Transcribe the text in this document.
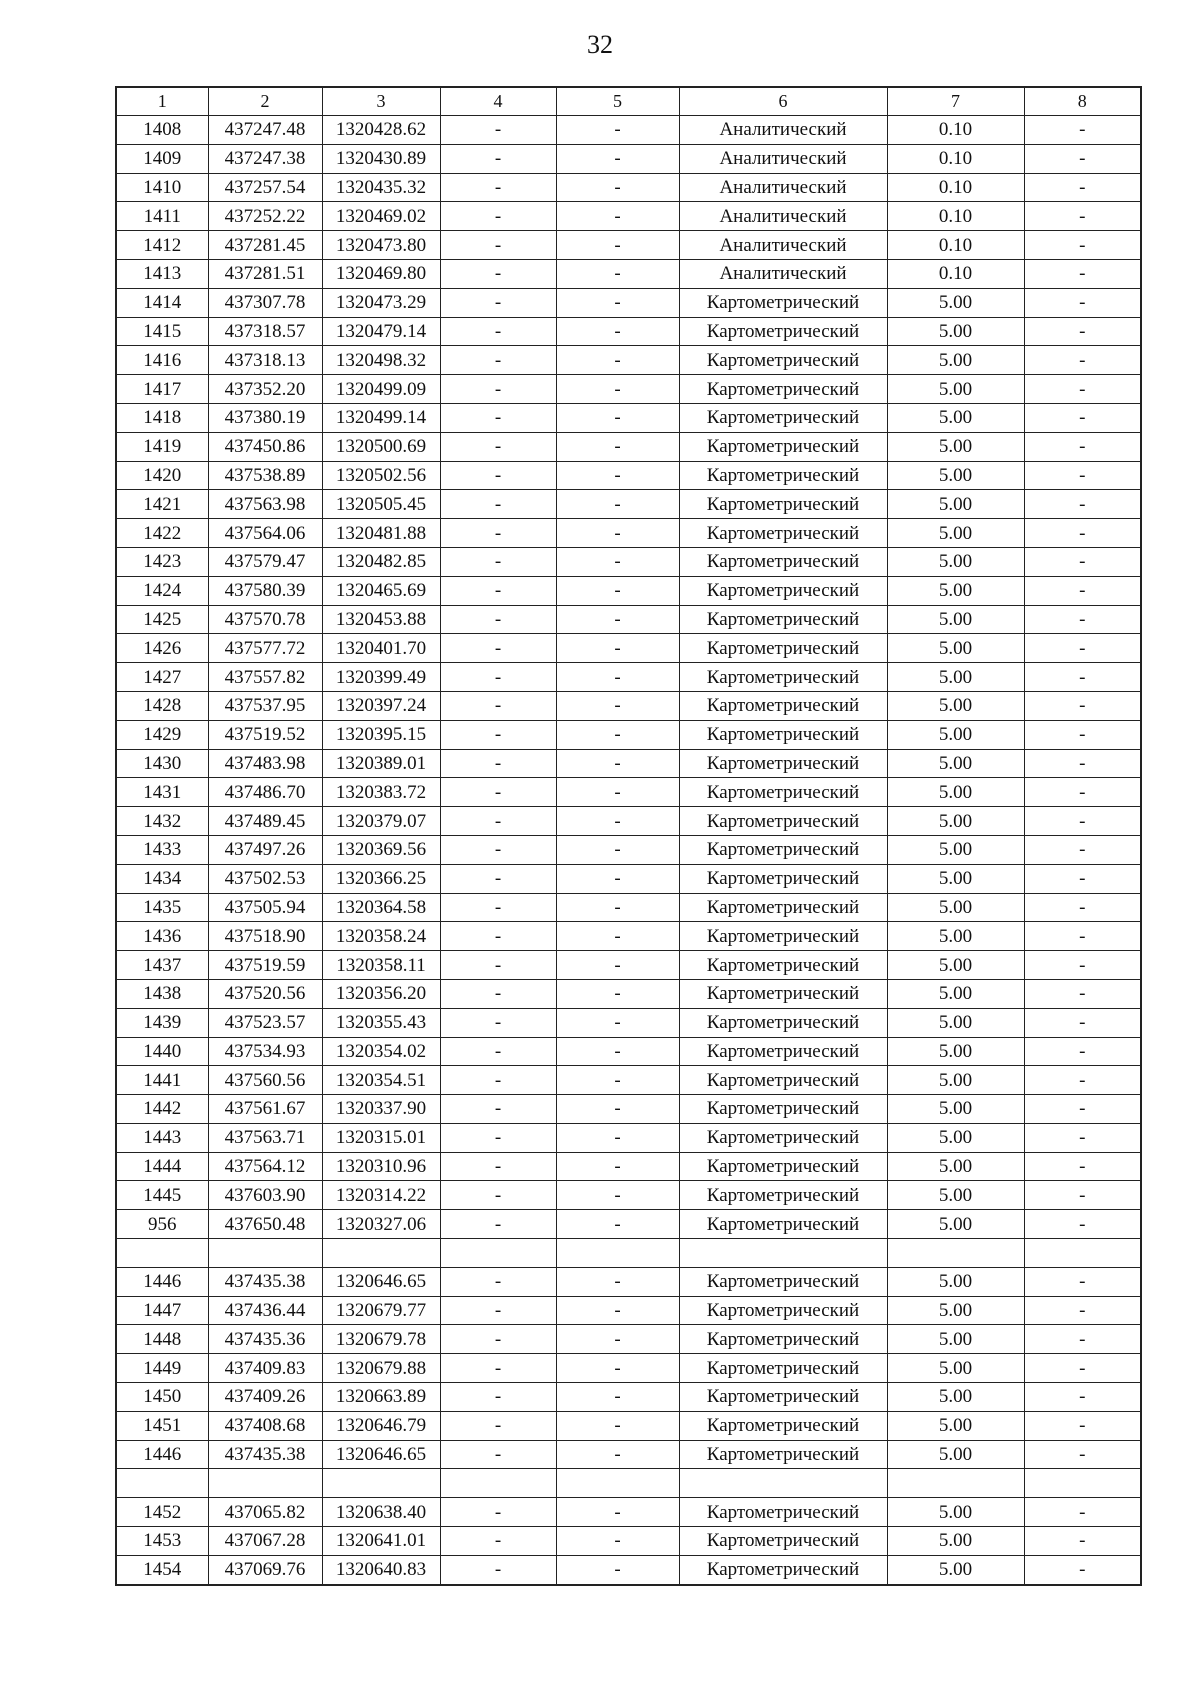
32
1	2	3	4	5	6	7	8
1408	437247.48	1320428.62	-	-	Аналитический	0.10	-
1409	437247.38	1320430.89	-	-	Аналитический	0.10	-
1410	437257.54	1320435.32	-	-	Аналитический	0.10	-
1411	437252.22	1320469.02	-	-	Аналитический	0.10	-
1412	437281.45	1320473.80	-	-	Аналитический	0.10	-
1413	437281.51	1320469.80	-	-	Аналитический	0.10	-
1414	437307.78	1320473.29	-	-	Картометрический	5.00	-
1415	437318.57	1320479.14	-	-	Картометрический	5.00	-
1416	437318.13	1320498.32	-	-	Картометрический	5.00	-
1417	437352.20	1320499.09	-	-	Картометрический	5.00	-
1418	437380.19	1320499.14	-	-	Картометрический	5.00	-
1419	437450.86	1320500.69	-	-	Картометрический	5.00	-
1420	437538.89	1320502.56	-	-	Картометрический	5.00	-
1421	437563.98	1320505.45	-	-	Картометрический	5.00	-
1422	437564.06	1320481.88	-	-	Картометрический	5.00	-
1423	437579.47	1320482.85	-	-	Картометрический	5.00	-
1424	437580.39	1320465.69	-	-	Картометрический	5.00	-
1425	437570.78	1320453.88	-	-	Картометрический	5.00	-
1426	437577.72	1320401.70	-	-	Картометрический	5.00	-
1427	437557.82	1320399.49	-	-	Картометрический	5.00	-
1428	437537.95	1320397.24	-	-	Картометрический	5.00	-
1429	437519.52	1320395.15	-	-	Картометрический	5.00	-
1430	437483.98	1320389.01	-	-	Картометрический	5.00	-
1431	437486.70	1320383.72	-	-	Картометрический	5.00	-
1432	437489.45	1320379.07	-	-	Картометрический	5.00	-
1433	437497.26	1320369.56	-	-	Картометрический	5.00	-
1434	437502.53	1320366.25	-	-	Картометрический	5.00	-
1435	437505.94	1320364.58	-	-	Картометрический	5.00	-
1436	437518.90	1320358.24	-	-	Картометрический	5.00	-
1437	437519.59	1320358.11	-	-	Картометрический	5.00	-
1438	437520.56	1320356.20	-	-	Картометрический	5.00	-
1439	437523.57	1320355.43	-	-	Картометрический	5.00	-
1440	437534.93	1320354.02	-	-	Картометрический	5.00	-
1441	437560.56	1320354.51	-	-	Картометрический	5.00	-
1442	437561.67	1320337.90	-	-	Картометрический	5.00	-
1443	437563.71	1320315.01	-	-	Картометрический	5.00	-
1444	437564.12	1320310.96	-	-	Картометрический	5.00	-
1445	437603.90	1320314.22	-	-	Картометрический	5.00	-
956	437650.48	1320327.06	-	-	Картометрический	5.00	-

1446	437435.38	1320646.65	-	-	Картометрический	5.00	-
1447	437436.44	1320679.77	-	-	Картометрический	5.00	-
1448	437435.36	1320679.78	-	-	Картометрический	5.00	-
1449	437409.83	1320679.88	-	-	Картометрический	5.00	-
1450	437409.26	1320663.89	-	-	Картометрический	5.00	-
1451	437408.68	1320646.79	-	-	Картометрический	5.00	-
1446	437435.38	1320646.65	-	-	Картометрический	5.00	-

1452	437065.82	1320638.40	-	-	Картометрический	5.00	-
1453	437067.28	1320641.01	-	-	Картометрический	5.00	-
1454	437069.76	1320640.83	-	-	Картометрический	5.00	-
